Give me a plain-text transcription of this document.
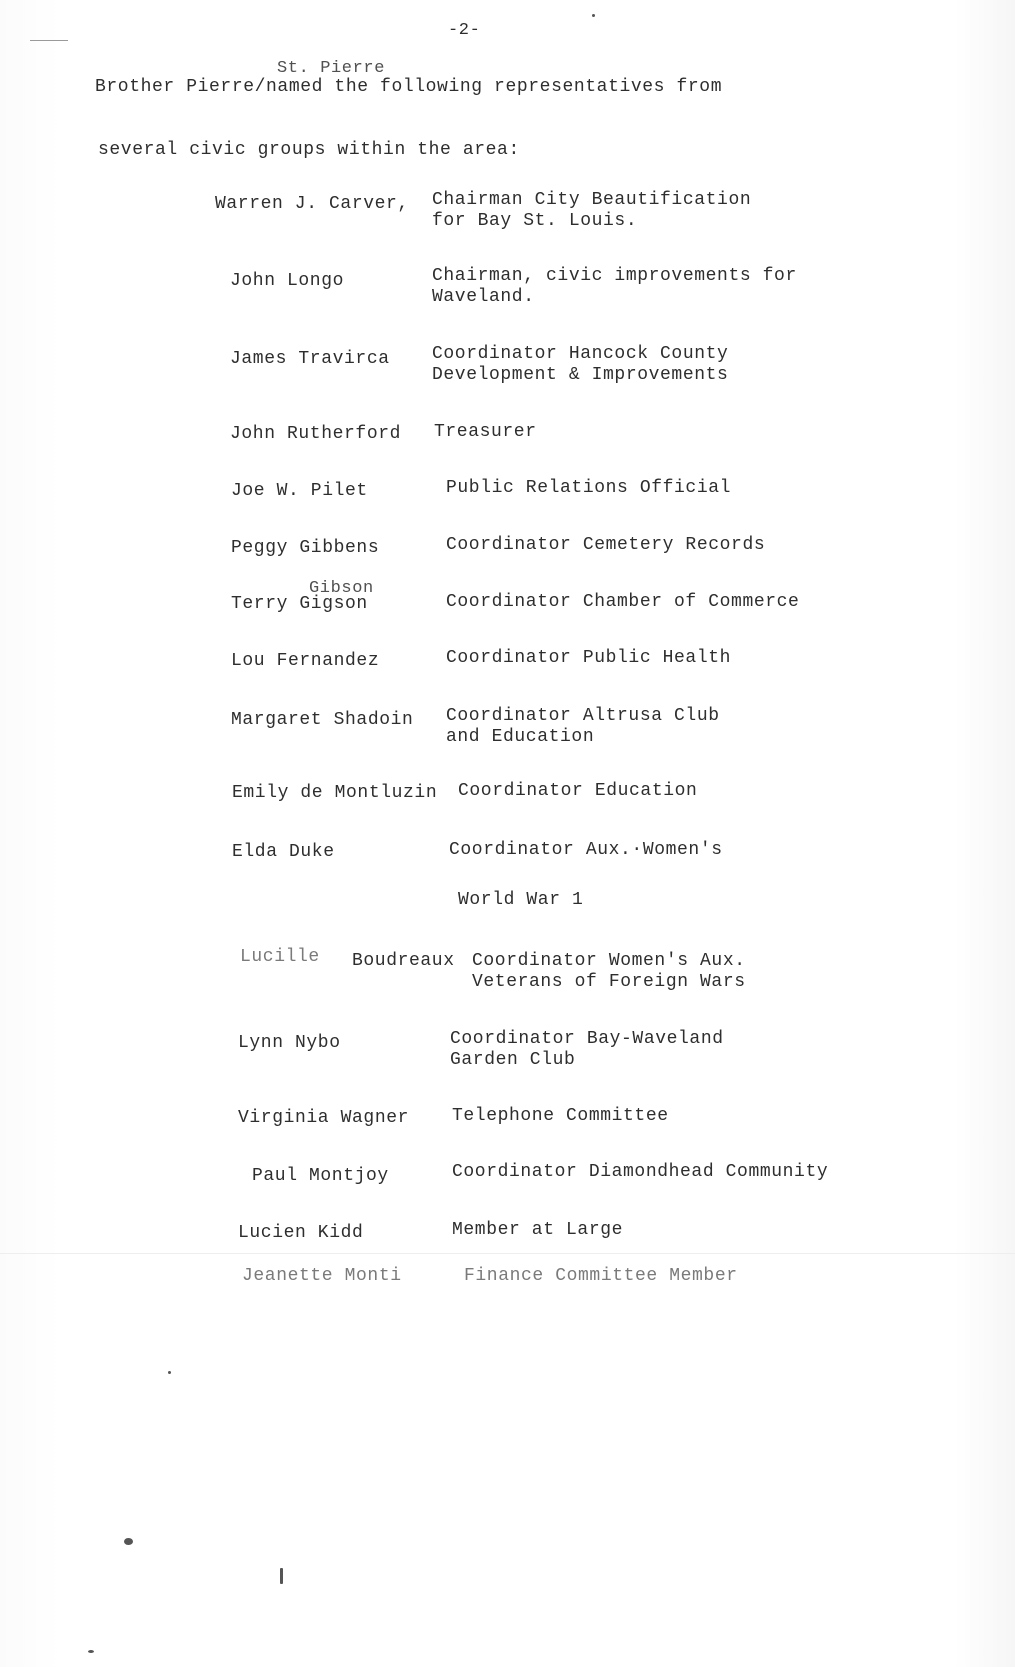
-2-
St. Pierre
Brother Pierre/named the following representatives from
several civic groups within the area:
Warren J. Carver, Chairman City Beautification
for Bay St. Louis.
John Longo	Chairman, civic improvements for
Waveland.
James Travirca Coordinator Hancock County
Development & Improvements
John Rutherford Treasurer
Joe W. Pilet	Public Relations Official
Peggy Gibbens	Coordinator Cemetery Records
Gibson
Terry Gigson	Coordinator Chamber of Commerce
Lou Fernandez	Coordinator Public Health
Margaret Shadoin Coordinator Altrusa Club
and Education
Emily de Montluzin Coordinator Education
Elda Duke	Coordinator Aux.·Women's
World War 1
Lucille Boudreaux Coordinator Women's Aux.
Veterans of Foreign Wars
Lynn Nybo	Coordinator Bay-Waveland
Garden Club
Virginia Wagner Telephone Committee
Paul Montjoy	Coordinator Diamondhead Community
Lucien Kidd	Member at Large
Jeanette Monti	Finance Committee Member
